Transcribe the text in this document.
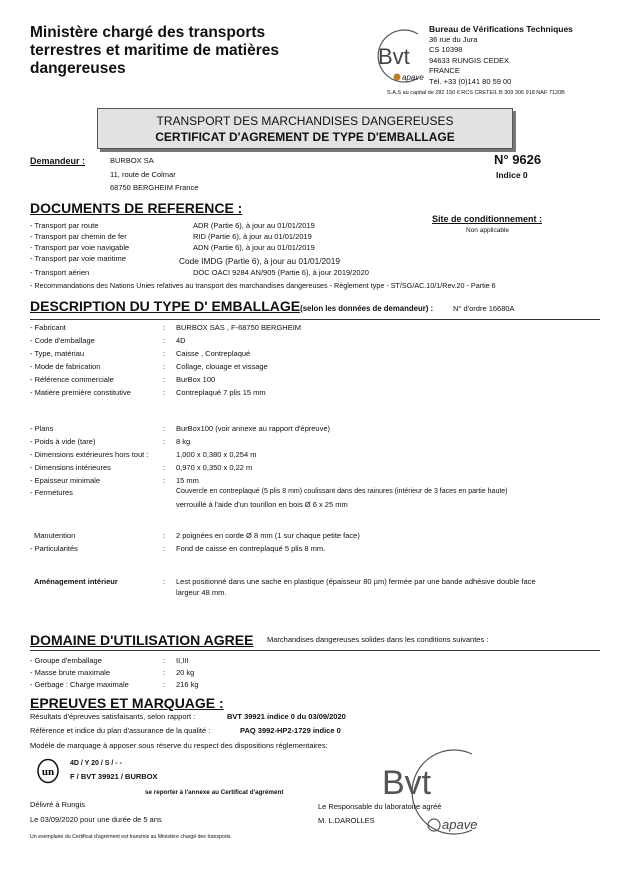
Ministère chargé des transports terrestres et maritime de matières dangereuses	Bvt
apave
Bureau de Vérifications Techniques
36 rue du Jura
CS 10398
94633 RUNGIS CEDEX
FRANCE
Tél. +33 (0)141 80 59 00
S.A.S au capital de 282 150 € RCS CRETEIL B 309 306 918 NAF 7120B
TRANSPORT DES MARCHANDISES DANGEREUSES
CERTIFICAT D'AGREMENT DE TYPE D'EMBALLAGE
Demandeur :	BURBOX SA
11, route de Colmar
68750 BERGHEIM France
N° 9626
Indice 0
DOCUMENTS DE REFERENCE :
- Transport par route	ADR (Partie 6), à jour au 01/01/2019
- Transport par chemin de fer	RID (Partie 6), à jour au 01/01/2019
- Transport par voie navigable	ADN (Partie 6), à jour au 01/01/2019
- Transport par voie maritime	Code IMDG (Partie 6), à jour au 01/01/2019
- Transport aérien	DOC OACI 9284 AN/905 (Partie 6), à jour 2019/2020
- Recommandations des Nations Unies relatives au transport des marchandises dangereuses - Règlement type - ST/SG/AC.10/1/Rev.20 - Partie 6
Site de conditionnement :
Non applicable
DESCRIPTION DU TYPE D' EMBALLAGE(selon les données de demandeur) :	N° d'ordre 16680A
- Fabricant	: BURBOX SAS , F-68750 BERGHEIM
- Code d'emballage	: 4D
- Type, matériau	: Caisse , Contreplaqué
- Mode de fabrication	: Collage, clouage et vissage
- Référence commerciale	: BurBox 100
- Matière première constitutive	: Contreplaqué 7 plis 15 mm
- Plans	: BurBox100 (voir annexe au rapport d'épreuve)
- Poids à vide (tare)	: 8 kg
- Dimensions extérieures hors tout :	1,000 x 0,380 x 0,254 m
- Dimensions intérieures	: 0,970 x 0,350 x 0,22 m
- Epaisseur minimale	: 15 mm
- Fermetures	Couvercle en contreplaqué (5 plis 8 mm) coulissant dans des rainures (intérieur de 3 faces en partie haute)
verrouillé à l'aide d'un tourillon en bois Ø 6 x 25 mm
Manutention	: 2 poignées en corde Ø 8 mm (1 sur chaque petite face)
- Particularités	: Fond de caisse en contreplaqué 5 plis 8 mm.
Aménagement intérieur	: Lest positionné dans une sache en plastique (épaisseur 80 µm) fermée par une bande adhésive double face
largeur 48 mm.
DOMAINE D'UTILISATION AGREE Marchandises dangereuses solides dans les conditions suivantes :
- Groupe d'emballage	: II,III
- Masse brute maximale	: 20 kg
- Gerbage : Charge maximale	: 216 kg
EPREUVES ET MARQUAGE :
Résultats d'épreuves satisfaisants, selon rapport :	BVT 39921 indice 0 du 03/09/2020
Référence et indice du plan d'assurance de la qualité :	PAQ 3992-HP2-1729 indice 0
Modèle de marquage à apposer sous réserve du respect des dispositions réglementaires:
un
4D / Y 20 / S / - -
F / BVT 39921 / BURBOX
se reporter à l'annexe au Certificat d'agrément	Bvt
apave
Délivré à Rungis
Le 03/09/2020 pour une durée de 5 ans
Le Responsable du laboratoire agréé
M. L.DAROLLES
Un exemplaire du Certificat d'agrément est transmis au Ministère chargé des transports.
